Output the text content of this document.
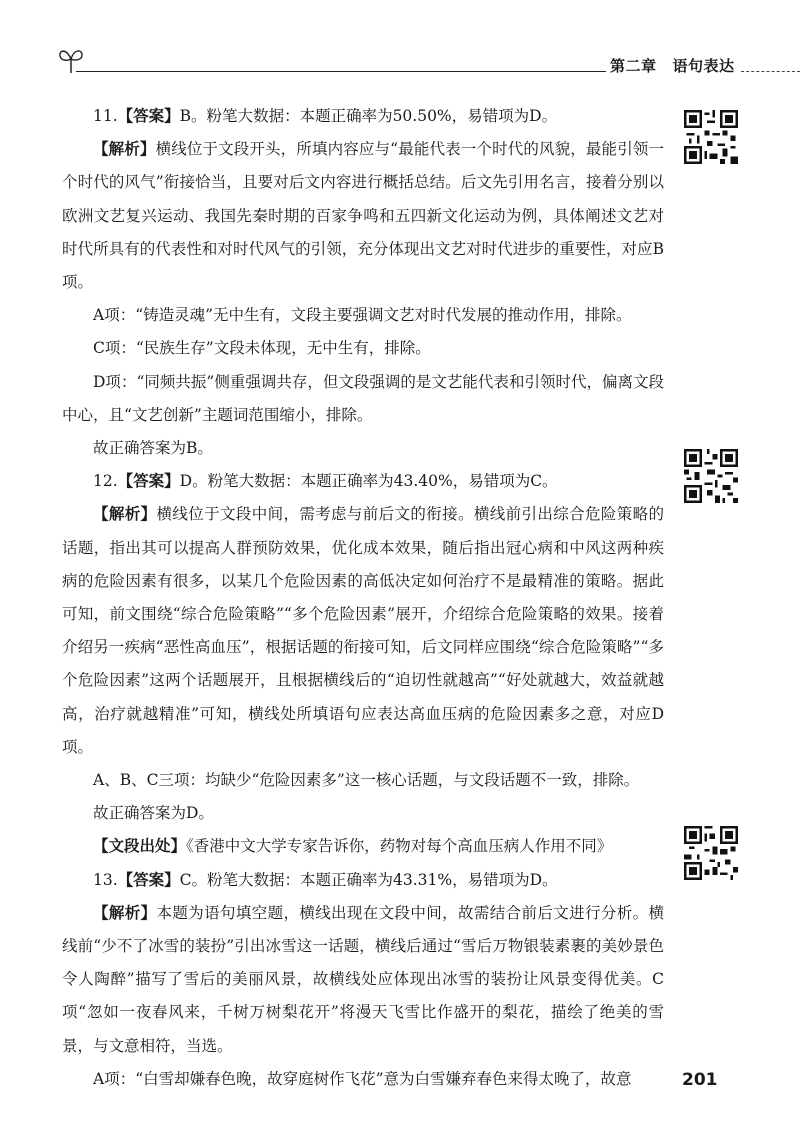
第二章 语句表达

11.【答案】B。粉笔大数据：本题正确率为50.50%，易错项为D。

【解析】横线位于文段开头，所填内容应与“最能代表一个时代的风貌，最能引领一个时代的风气”衔接恰当，且要对后文内容进行概括总结。后文先引用名言，接着分别以欧洲文艺复兴运动、我国先秦时期的百家争鸣和五四新文化运动为例，具体阐述文艺对时代所具有的代表性和对时代风气的引领，充分体现出文艺对时代进步的重要性，对应B项。

A项：“铸造灵魂”无中生有，文段主要强调文艺对时代发展的推动作用，排除。

C项：“民族生存”文段未体现，无中生有，排除。

D项：“同频共振”侧重强调共存，但文段强调的是文艺能代表和引领时代，偏离文段中心，且“文艺创新”主题词范围缩小，排除。

故正确答案为B。

12.【答案】D。粉笔大数据：本题正确率为43.40%，易错项为C。

【解析】横线位于文段中间，需考虑与前后文的衔接。横线前引出综合危险策略的话题，指出其可以提高人群预防效果，优化成本效果，随后指出冠心病和中风这两种疾病的危险因素有很多，以某几个危险因素的高低决定如何治疗不是最精准的策略。据此可知，前文围绕“综合危险策略”“多个危险因素”展开，介绍综合危险策略的效果。接着介绍另一疾病“恶性高血压”，根据话题的衔接可知，后文同样应围绕“综合危险策略”“多个危险因素”这两个话题展开，且根据横线后的“迫切性就越高”“好处就越大，效益就越高，治疗就越精准”可知，横线处所填语句应表达高血压病的危险因素多之意，对应D项。

A、B、C三项：均缺少“危险因素多”这一核心话题，与文段话题不一致，排除。

故正确答案为D。

【文段出处】《香港中文大学专家告诉你，药物对每个高血压病人作用不同》

13.【答案】C。粉笔大数据：本题正确率为43.31%，易错项为D。

【解析】本题为语句填空题，横线出现在文段中间，故需结合前后文进行分析。横线前“少不了冰雪的装扮”引出冰雪这一话题，横线后通过“雪后万物银装素裹的美妙景色令人陶醉”描写了雪后的美丽风景，故横线处应体现出冰雪的装扮让风景变得优美。C项“忽如一夜春风来，千树万树梨花开”将漫天飞雪比作盛开的梨花，描绘了绝美的雪景，与文意相符，当选。

A项：“白雪却嫌春色晚，故穿庭树作飞花”意为白雪嫌弃春色来得太晚了，故意	201
